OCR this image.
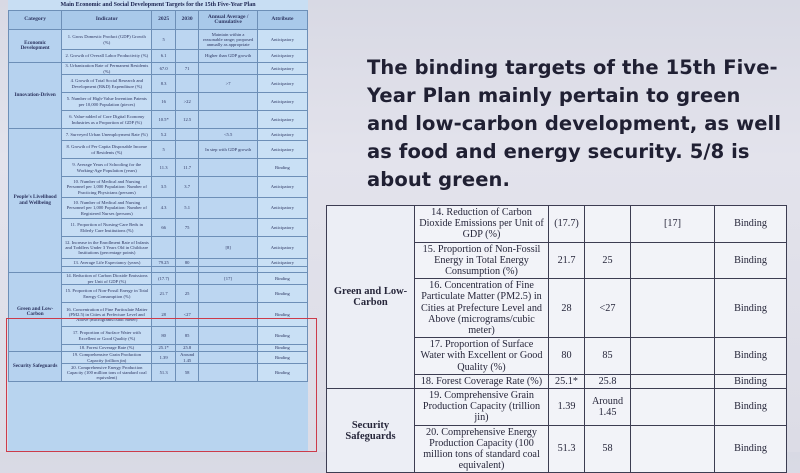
Main Economic and Social Development Targets for the 15th Five-Year Plan
Category	Indicator	2025	2030	Annual Average / Cumulative	Attribute
Economic Development	1. Gross Domestic Product (GDP) Growth (%)	5		Maintain within a reasonable range; proposed annually as appropriate	Anticipatory
	2. Growth of Overall Labor Productivity (%)	6.1		Higher than GDP growth	Anticipatory
Innovation-Driven	3. Urbanization Rate of Permanent Residents (%)	67.0	71		Anticipatory
	4. Growth of Total Social Research and Development (R&D) Expenditure (%)	8.3		>7	Anticipatory
	5. Number of High-Value Invention Patents per 10,000 Population (pieces)	16	>22		Anticipatory
	6. Value-added of Core Digital Economy Industries as a Proportion of GDP (%)	10.5*	12.5		Anticipatory
People's Livelihood and Wellbeing	7. Surveyed Urban Unemployment Rate (%)	5.2		<5.5	Anticipatory
	8. Growth of Per Capita Disposable Income of Residents (%)	5		In step with GDP growth	Anticipatory
	9. Average Years of Schooling for the Working-Age Population (years)	11.3	11.7		Binding
	10. Number of Medical and Nursing Personnel per 1,000 Population: Number of Practicing Physicians (persons)	3.5	3.7		Anticipatory
	10. Number of Medical and Nursing Personnel per 1,000 Population: Number of Registered Nurses (persons)	4.3	5.1		Anticipatory
	11. Proportion of Nursing-Care Beds in Elderly Care Institutions (%)	66	75		Anticipatory
	12. Increase in the Enrollment Rate of Infants and Toddlers Under 3 Years Old in Childcare Institutions (percentage points)			[8]	Anticipatory
	13. Average Life Expectancy (years)	79.25	80		Anticipatory

Green and Low-Carbon	14. Reduction of Carbon Dioxide Emissions per Unit of GDP (%)	(17.7)		[17]	Binding
	15. Proportion of Non-Fossil Energy in Total Energy Consumption (%)	21.7	25		Binding
	16. Concentration of Fine Particulate Matter (PM2.5) in Cities at Prefecture Level and Above (micrograms/cubic meter)	28	<27		Binding
	17. Proportion of Surface Water with Excellent or Good Quality (%)	80	85		Binding
	18. Forest Coverage Rate (%)	25.1*	25.8		Binding
Security Safeguards	19. Comprehensive Grain Production Capacity (trillion jin)	1.39	Around 1.45		Binding
	20. Comprehensive Energy Production Capacity (100 million tons of standard coal equivalent)	51.3	58		Binding
The binding targets of the 15th Five-Year Plan mainly pertain to green and low-carbon development, as well as food and energy security. 5/8 is about green.
Green and Low-Carbon	14. Reduction of Carbon Dioxide Emissions per Unit of GDP (%)	(17.7)		[17]	Binding
	15. Proportion of Non-Fossil Energy in Total Energy Consumption (%)	21.7	25		Binding
	16. Concentration of Fine Particulate Matter (PM2.5) in Cities at Prefecture Level and Above (micrograms/cubic meter)	28	<27		Binding
	17. Proportion of Surface Water with Excellent or Good Quality (%)	80	85		Binding
	18. Forest Coverage Rate (%)	25.1*	25.8		Binding
Security Safeguards	19. Comprehensive Grain Production Capacity (trillion jin)	1.39	Around 1.45		Binding
	20. Comprehensive Energy Production Capacity (100 million tons of standard coal equivalent)	51.3	58		Binding
